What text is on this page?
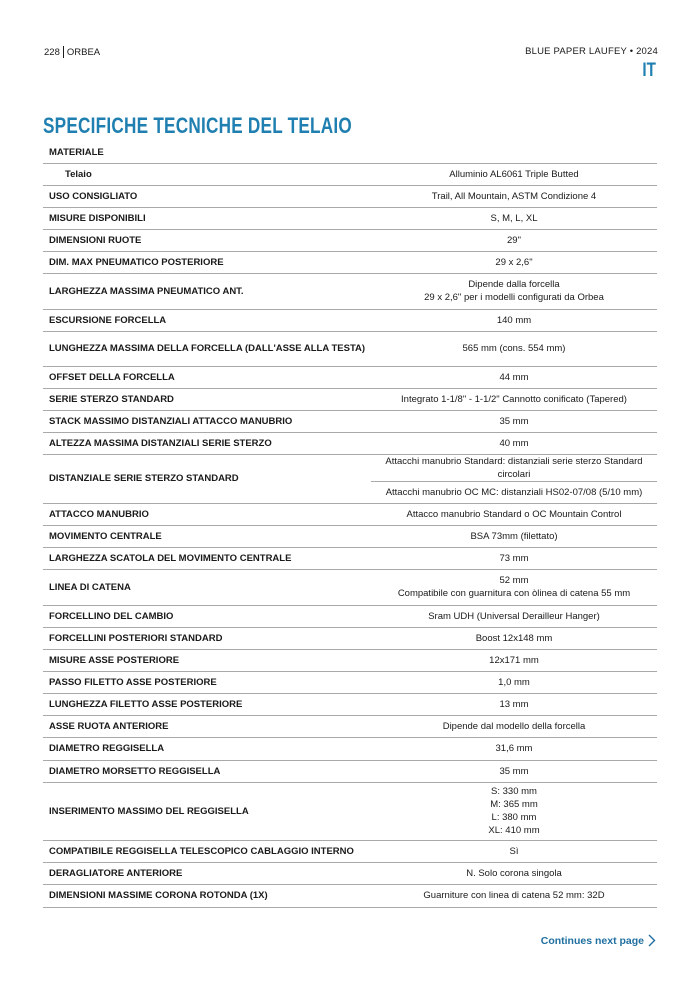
228 ORBEA	BLUE PAPER LAUFEY • 2024
IT
SPECIFICHE TECNICHE DEL TELAIO
MATERIALE	
Telaio	Alluminio AL6061 Triple Butted

USO CONSIGLIATO	Trail, All Mountain, ASTM Condizione 4

MISURE DISPONIBILI	S, M, L, XL

DIMENSIONI RUOTE	29"

DIM. MAX PNEUMATICO POSTERIORE	29 x 2,6"

LARGHEZZA MASSIMA PNEUMATICO ANT.	Dipende dalla forcella
29 x 2,6" per i modelli configurati da Orbea

ESCURSIONE FORCELLA	140 mm

LUNGHEZZA MASSIMA DELLA FORCELLA (DALL'ASSE ALLA TESTA)	565 mm (cons. 554 mm)

OFFSET DELLA FORCELLA	44 mm

SERIE STERZO STANDARD	Integrato 1-1/8" - 1-1/2" Cannotto conificato (Tapered)

STACK MASSIMO DISTANZIALI ATTACCO MANUBRIO	35 mm

ALTEZZA MASSIMA DISTANZIALI SERIE STERZO	40 mm

DISTANZIALE SERIE STERZO STANDARD	Attacchi manubrio Standard: distanziali serie sterzo Standard circolari
	Attacchi manubrio OC MC: distanziali HS02-07/08 (5/10 mm)
ATTACCO MANUBRIO	Attacco manubrio Standard o OC Mountain Control

MOVIMENTO CENTRALE	BSA 73mm (filettato)

LARGHEZZA SCATOLA DEL MOVIMENTO CENTRALE	73 mm

LINEA DI CATENA	52 mm
Compatibile con guarnitura con òlinea di catena 55 mm

FORCELLINO DEL CAMBIO	Sram UDH (Universal Derailleur Hanger)

FORCELLINI POSTERIORI STANDARD	Boost 12x148 mm

MISURE ASSE POSTERIORE	12x171 mm

PASSO FILETTO ASSE POSTERIORE	1,0 mm

LUNGHEZZA FILETTO ASSE POSTERIORE	13 mm

ASSE RUOTA ANTERIORE	Dipende dal modello della forcella

DIAMETRO REGGISELLA	31,6 mm

DIAMETRO MORSETTO REGGISELLA	35 mm

INSERIMENTO MASSIMO DEL REGGISELLA	S: 330 mm
M: 365 mm
L: 380 mm
XL: 410 mm

COMPATIBILE REGGISELLA TELESCOPICO CABLAGGIO INTERNO	Sì

DERAGLIATORE ANTERIORE	N. Solo corona singola

DIMENSIONI MASSIME CORONA ROTONDA (1X)	Guarniture con linea di catena 52 mm: 32D
Continues next page
